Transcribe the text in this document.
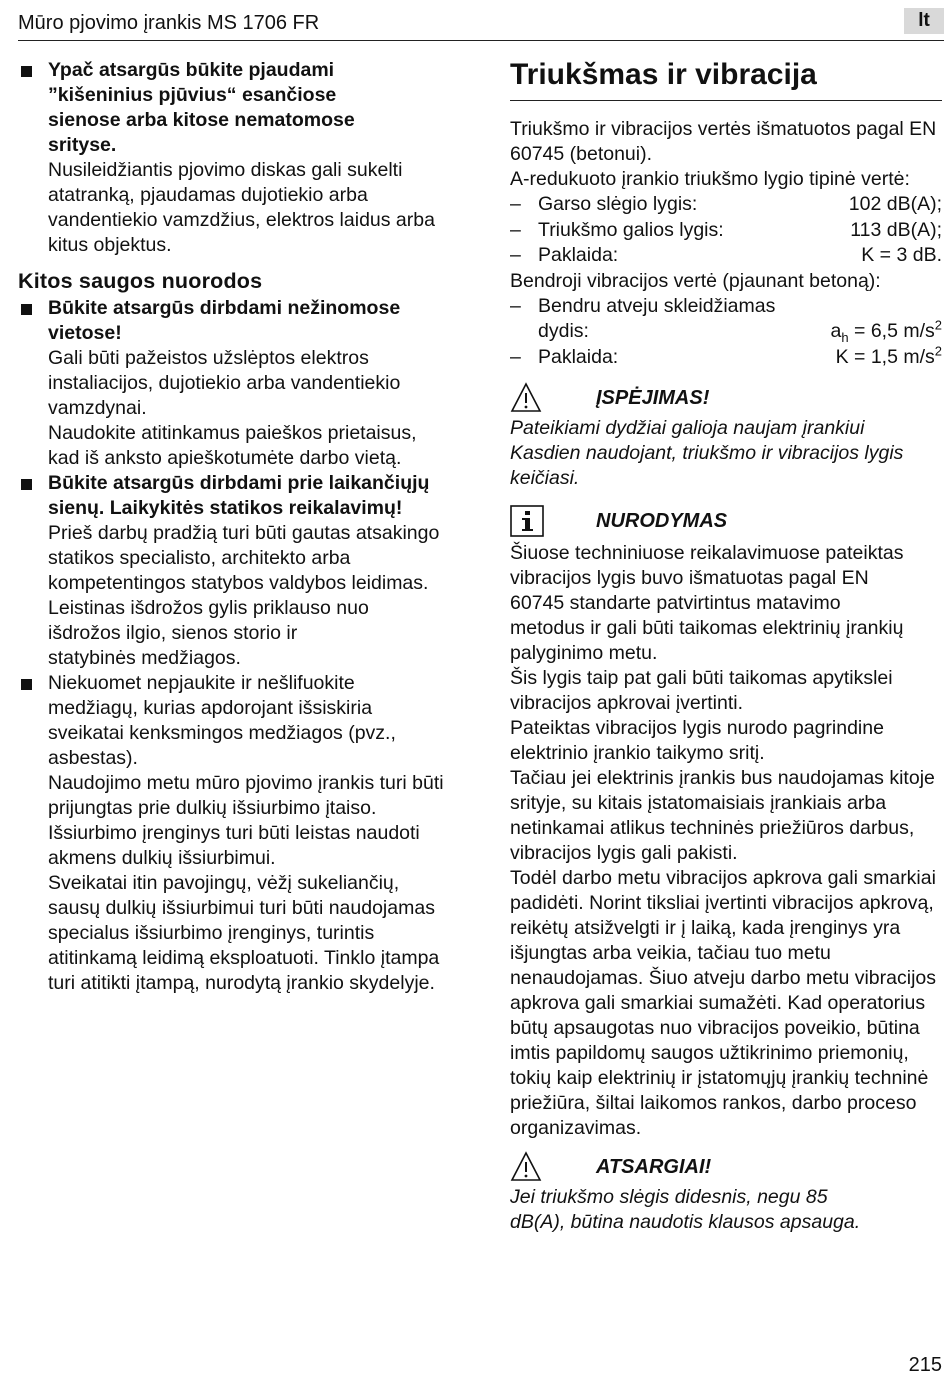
Mūro pjovimo įrankis MS 1706 FR	lt
Ypač atsargūs būkite pjaudami ”kišeninius pjūvius“ esančiose sienose arba kitose nematomose srityse.
Nusileidžiantis pjovimo diskas gali sukelti atatranką, pjaudamas dujotiekio arba vandentiekio vamzdžius, elektros laidus arba kitus objektus.
Kitos saugos nuorodos
Būkite atsargūs dirbdami nežinomose vietose!
Gali būti pažeistos užslėptos elektros instaliacijos, dujotiekio arba vandentiekio vamzdynai.
Naudokite atitinkamus paieškos prietaisus, kad iš anksto apieškotumėte darbo vietą.
Būkite atsargūs dirbdami prie laikančiųjų sienų. Laikykitės statikos reikalavimų!
Prieš darbų pradžią turi būti gautas atsakingo statikos specialisto, architekto arba kompetentingos statybos valdybos leidimas.
Leistinas išdrožos gylis priklauso nuo išdrožos ilgio, sienos storio ir statybinės medžiagos.
Niekuomet nepjaukite ir nešlifuokite medžiagų, kurias apdorojant išsiskiria sveikatai kenksmingos medžiagos (pvz., asbestas).
Naudojimo metu mūro pjovimo įrankis turi būti prijungtas prie dulkių išsiurbimo įtaiso. Išsiurbimo įrenginys turi būti leistas naudoti akmens dulkių išsiurbimui.
Sveikatai itin pavojingų, vėžį sukeliančių, sausų dulkių išsiurbimui turi būti naudojamas specialus išsiurbimo įrenginys, turintis atitinkamą leidimą eksploatuoti. Tinklo įtampa turi atitikti įtampą, nurodytą įrankio skydelyje.
Triukšmas ir vibracija
Triukšmo ir vibracijos vertės išmatuotos pagal EN 60745 (betonui).
A-redukuoto įrankio triukšmo lygio tipinė vertė:
– Garso slėgio lygis:	102 dB(A);
– Triukšmo galios lygis:	113 dB(A);
– Paklaida:	K = 3 dB.
Bendroji vibracijos vertė (pjaunant betoną):
– Bendru atveju skleidžiamas
dydis:	$a_h = 6,5$ $m/s^2$
– Paklaida:	K = 1,5 $m/s^2$
ĮSPĖJIMAS!
Pateikiami dydžiai galioja naujam įrankiui Kasdien naudojant, triukšmo ir vibracijos lygis keičiasi.
NURODYMAS
Šiuose techniniuose reikalavimuose pateiktas vibracijos lygis buvo išmatuotas pagal EN 60745 standarte patvirtintus matavimo metodus ir gali būti taikomas elektrinių įrankių palyginimo metu.
Šis lygis taip pat gali būti taikomas apytikslei vibracijos apkrovai įvertinti.
Pateiktas vibracijos lygis nurodo pagrindine elektrinio įrankio taikymo sritį.
Tačiau jei elektrinis įrankis bus naudojamas kitoje srityje, su kitais įstatomaisiais įrankiais arba netinkamai atlikus techninės priežiūros darbus, vibracijos lygis gali pakisti.
Todėl darbo metu vibracijos apkrova gali smarkiai padidėti. Norint tiksliai įvertinti vibracijos apkrovą, reikėtų atsižvelgti ir į laiką, kada įrenginys yra išjungtas arba veikia, tačiau tuo metu nenaudojamas. Šiuo atveju darbo metu vibracijos apkrova gali smarkiai sumažėti. Kad operatorius būtų apsaugotas nuo vibracijos poveikio, būtina imtis papildomų saugos užtikrinimo priemonių, tokių kaip elektrinių ir įstatomųjų įrankių techninė priežiūra, šiltai laikomos rankos, darbo proceso organizavimas.
ATSARGIAI!
Jei triukšmo slėgis didesnis, negu 85 dB(A), būtina naudotis klausos apsauga.
215
